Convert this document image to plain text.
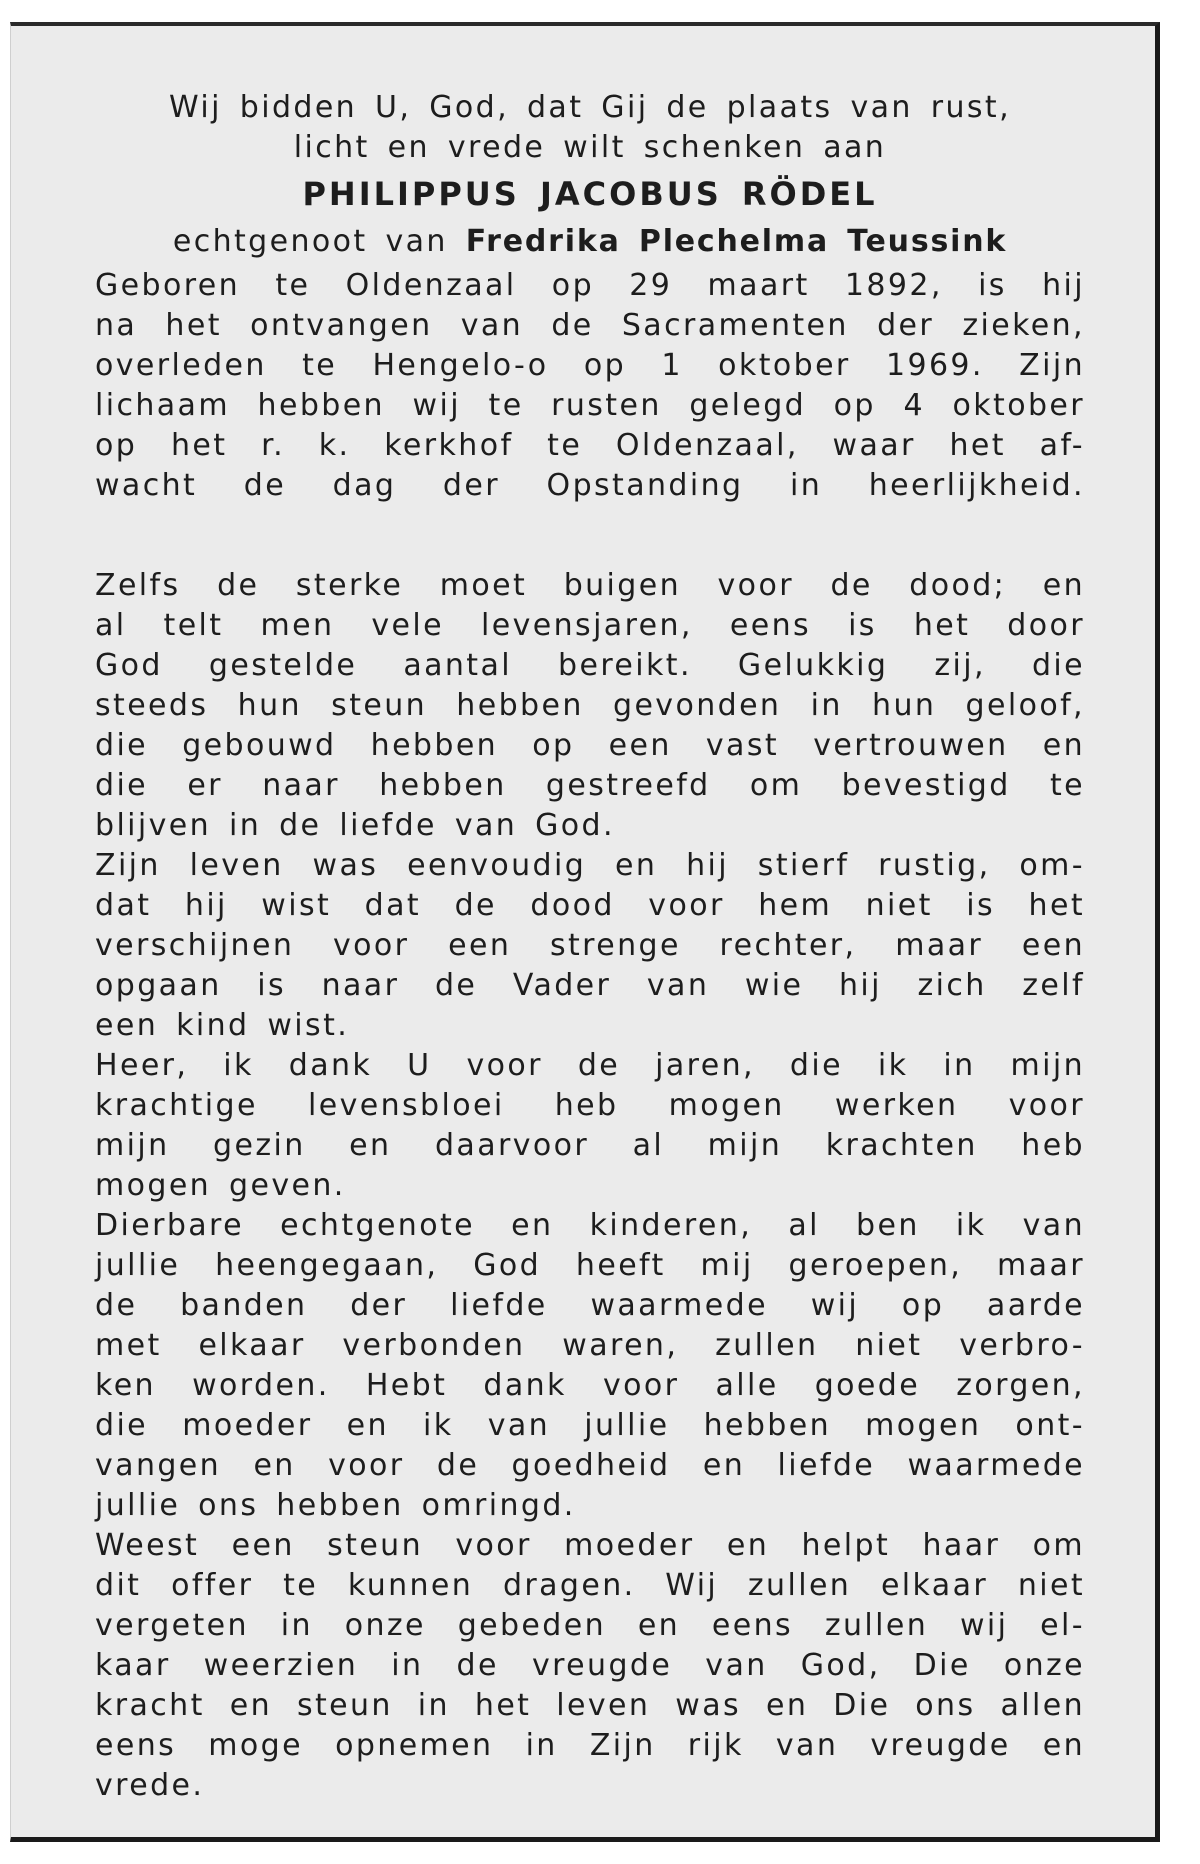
Wij bidden U, God, dat Gij de plaats van rust,
licht en vrede wilt schenken aan
PHILIPPUS JACOBUS RÖDEL
echtgenoot van Fredrika Plechelma Teussink
Geboren te Oldenzaal op 29 maart 1892, is hij
na het ontvangen van de Sacramenten der zieken,
overleden te Hengelo-o op 1 oktober 1969. Zijn
lichaam hebben wij te rusten gelegd op 4 oktober
op het r. k. kerkhof te Oldenzaal, waar het af-
wacht de dag der Opstanding in heerlijkheid.
Zelfs de sterke moet buigen voor de dood; en
al telt men vele levensjaren, eens is het door
God gestelde aantal bereikt. Gelukkig zij, die
steeds hun steun hebben gevonden in hun geloof,
die gebouwd hebben op een vast vertrouwen en
die er naar hebben gestreefd om bevestigd te
blijven in de liefde van God.
Zijn leven was eenvoudig en hij stierf rustig, om-
dat hij wist dat de dood voor hem niet is het
verschijnen voor een strenge rechter, maar een
opgaan is naar de Vader van wie hij zich zelf
een kind wist.
Heer, ik dank U voor de jaren, die ik in mijn
krachtige levensbloei heb mogen werken voor
mijn gezin en daarvoor al mijn krachten heb
mogen geven.
Dierbare echtgenote en kinderen, al ben ik van
jullie heengegaan, God heeft mij geroepen, maar
de banden der liefde waarmede wij op aarde
met elkaar verbonden waren, zullen niet verbro-
ken worden. Hebt dank voor alle goede zorgen,
die moeder en ik van jullie hebben mogen ont-
vangen en voor de goedheid en liefde waarmede
jullie ons hebben omringd.
Weest een steun voor moeder en helpt haar om
dit offer te kunnen dragen. Wij zullen elkaar niet
vergeten in onze gebeden en eens zullen wij el-
kaar weerzien in de vreugde van God, Die onze
kracht en steun in het leven was en Die ons allen
eens moge opnemen in Zijn rijk van vreugde en
vrede.
